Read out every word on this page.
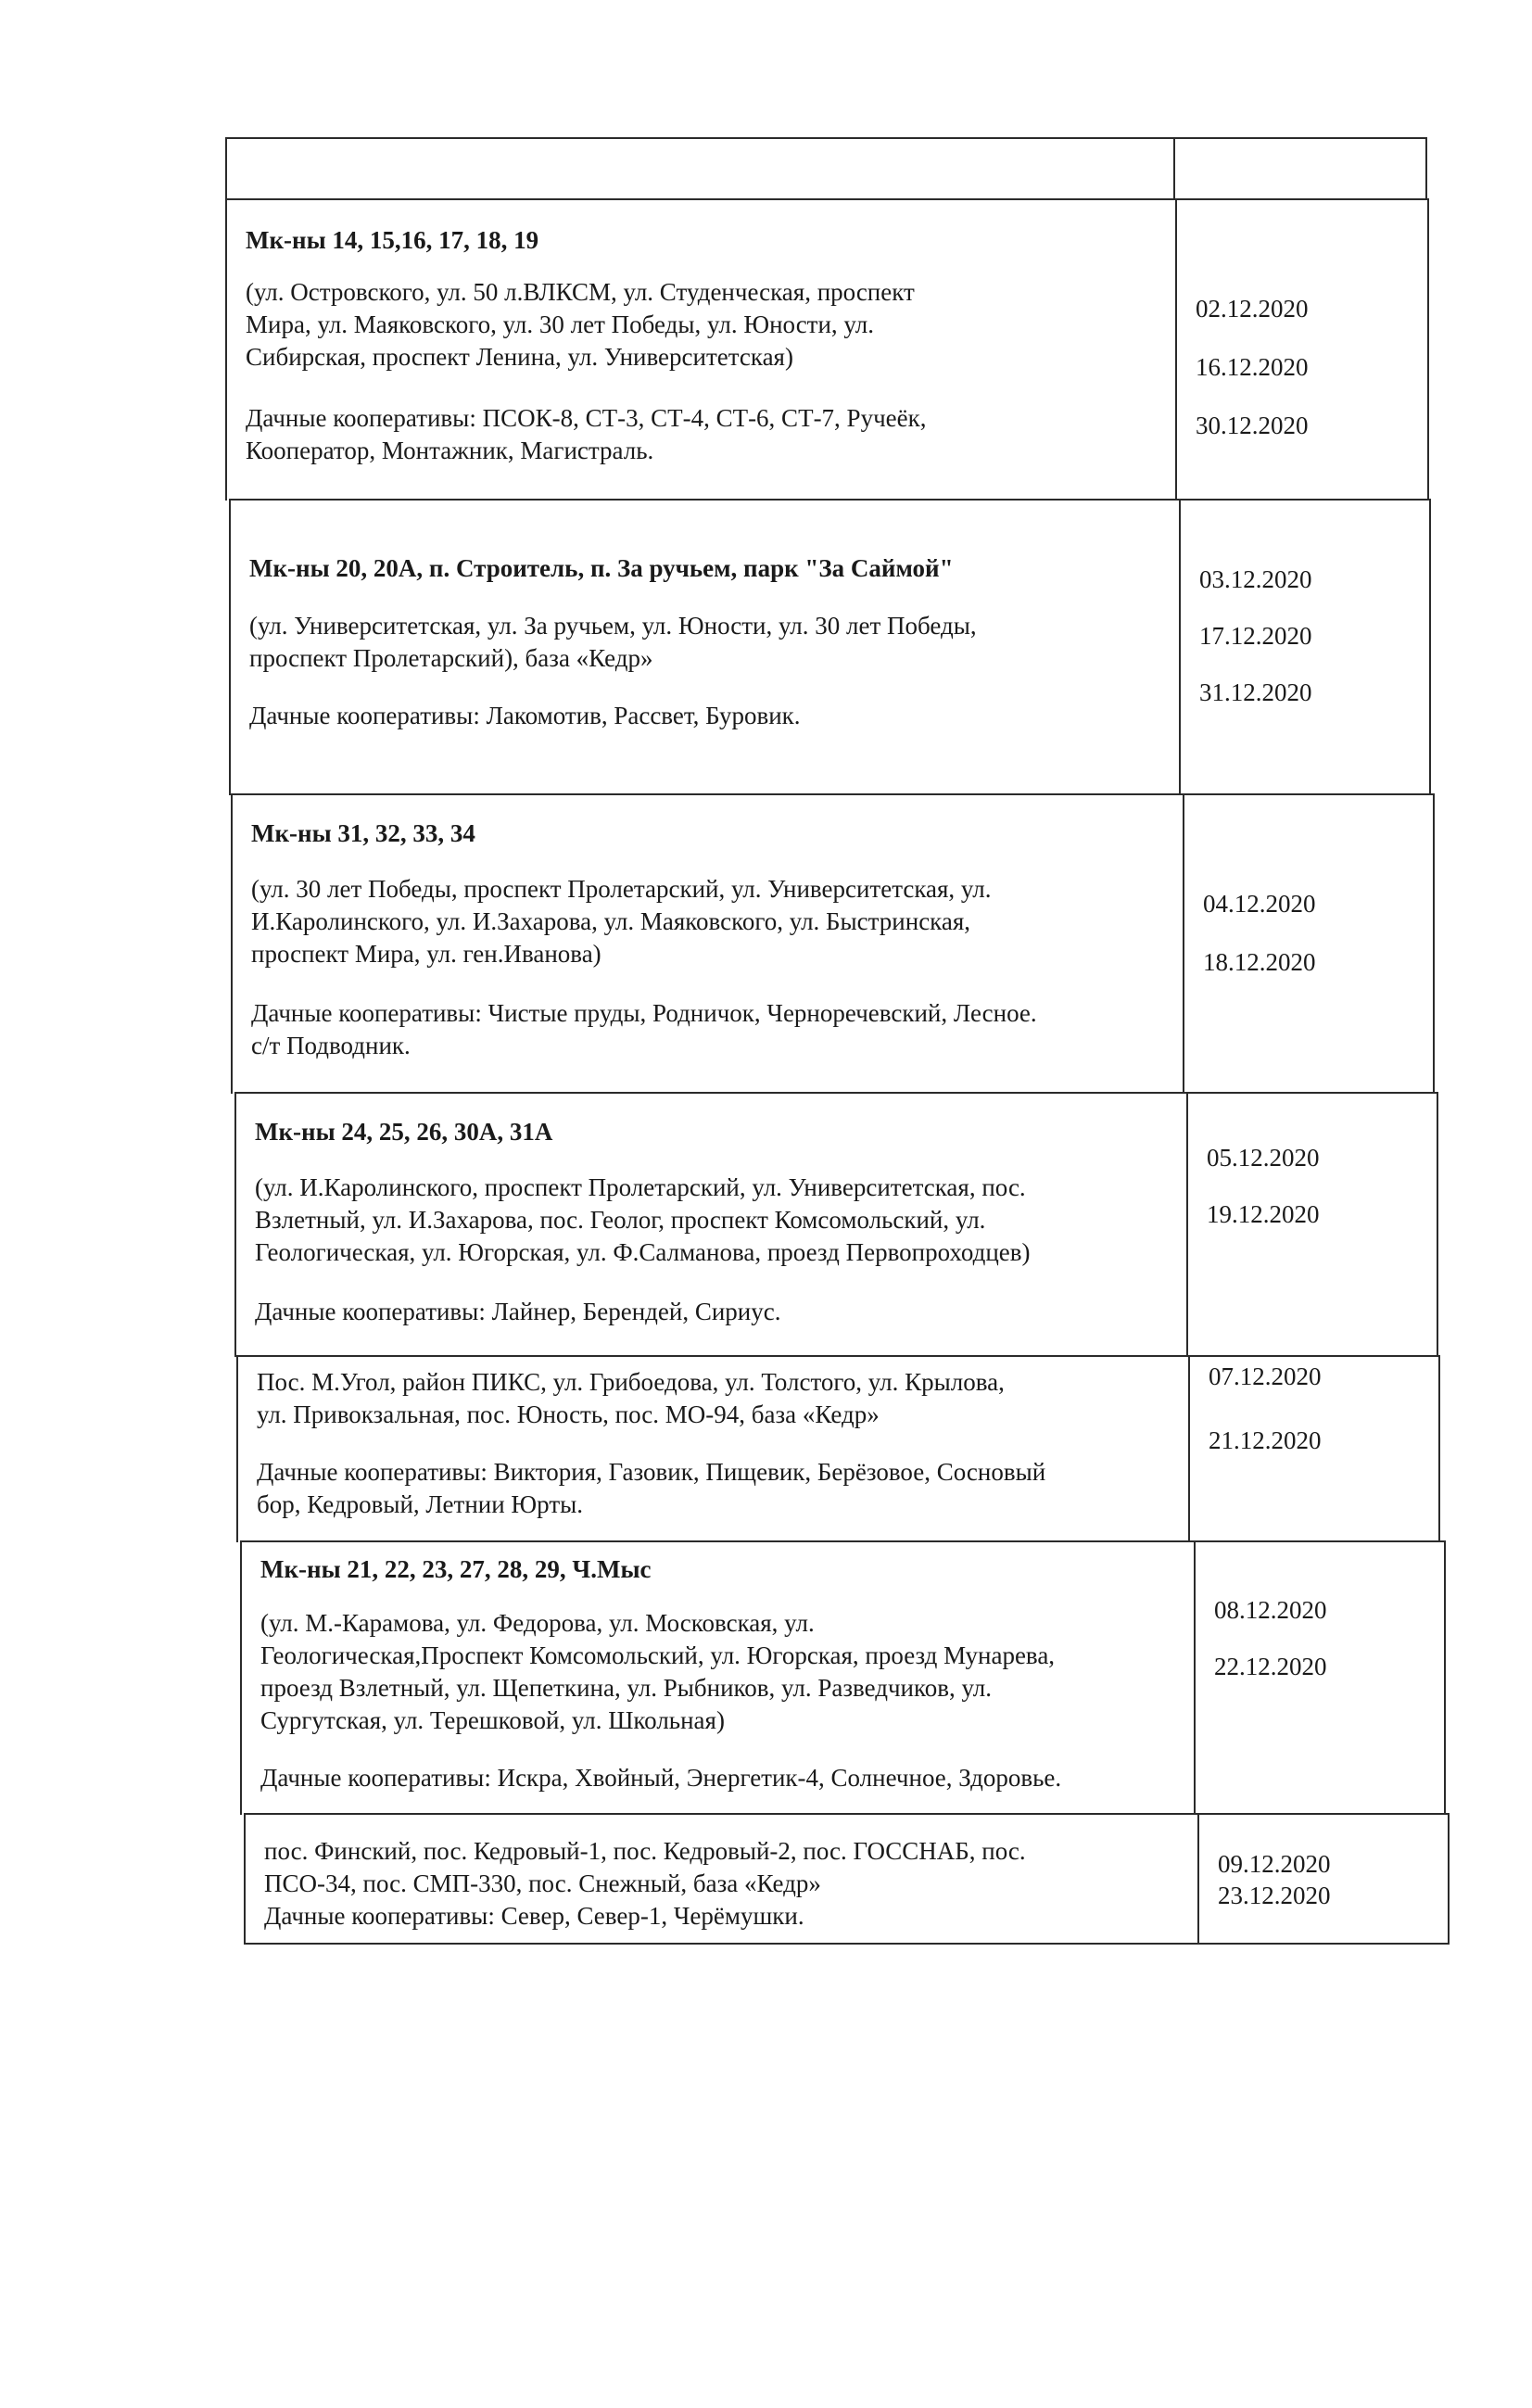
Мк-ны 14, 15,16, 17, 18, 19
(ул. Островского, ул. 50 л.ВЛКСМ, ул. Студенческая, проспект
Мира, ул. Маяковского, ул. 30 лет Победы, ул. Юности, ул.
Сибирская, проспект Ленина, ул. Университетская)
Дачные кооперативы: ПСОК-8, СТ-3, СТ-4, СТ-6, СТ-7, Ручеёк,
Кооператор, Монтажник, Магистраль.
02.12.2020
16.12.2020
30.12.2020
Мк-ны 20, 20А, п. Строитель, п. За ручьем, парк "За Саймой"
(ул. Университетская, ул. За ручьем, ул. Юности, ул. 30 лет Победы,
проспект Пролетарский), база «Кедр»
Дачные кооперативы: Лакомотив, Рассвет, Буровик.
03.12.2020
17.12.2020
31.12.2020
Мк-ны 31, 32, 33, 34
(ул. 30 лет Победы, проспект Пролетарский, ул. Университетская, ул.
И.Каролинского, ул. И.Захарова, ул. Маяковского, ул. Быстринская,
проспект Мира, ул. ген.Иванова)
Дачные кооперативы: Чистые пруды, Родничок, Черноречевский, Лесное.
с/т Подводник.
04.12.2020
18.12.2020
Мк-ны 24, 25, 26, 30А, 31А
(ул. И.Каролинского, проспект Пролетарский, ул. Университетская, пос.
Взлетный, ул. И.Захарова, пос. Геолог, проспект Комсомольский, ул.
Геологическая, ул. Югорская, ул. Ф.Салманова, проезд Первопроходцев)
Дачные кооперативы: Лайнер, Берендей, Сириус.
05.12.2020
19.12.2020
Пос. М.Угол, район ПИКС, ул. Грибоедова, ул. Толстого, ул. Крылова,
ул. Привокзальная, пос. Юность, пос. МО-94, база «Кедр»
Дачные кооперативы: Виктория, Газовик, Пищевик, Берёзовое, Сосновый
бор, Кедровый, Летнии Юрты.
07.12.2020
21.12.2020
Мк-ны 21, 22, 23, 27, 28, 29, Ч.Мыс
(ул. М.-Карамова, ул. Федорова, ул. Московская, ул.
Геологическая,Проспект Комсомольский, ул. Югорская, проезд Мунарева,
проезд Взлетный, ул. Щепеткина, ул. Рыбников, ул. Разведчиков, ул.
Сургутская, ул. Терешковой, ул. Школьная)
Дачные кооперативы: Искра, Хвойный, Энергетик-4, Солнечное, Здоровье.
08.12.2020
22.12.2020
пос. Финский, пос. Кедровый-1, пос. Кедровый-2, пос. ГОССНАБ, пос.
ПСО-34, пос. СМП-330, пос. Снежный, база «Кедр»
Дачные кооперативы: Север, Север-1, Черёмушки.
09.12.2020
23.12.2020
